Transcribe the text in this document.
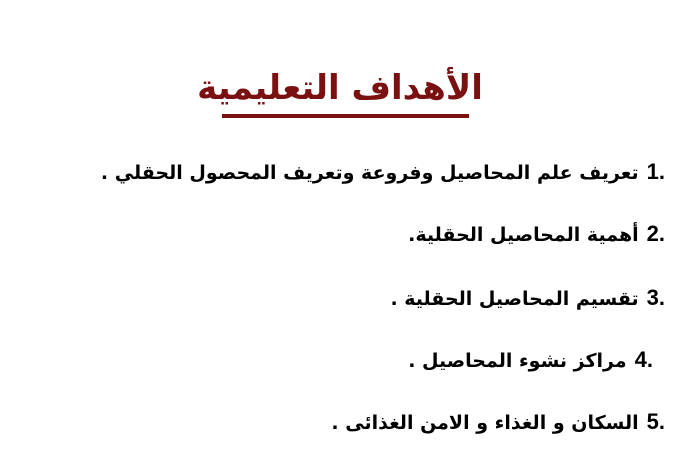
الأهداف التعليمية
1.تعريف علم المحاصيل وفروعة وتعريف المحصول الحقلي .
2.أهمية المحاصيل الحقلية.
3.تقسيم المحاصيل الحقلية .
4.مراكز نشوء المحاصيل .
5.السكان و الغذاء و الامن الغذائى .
